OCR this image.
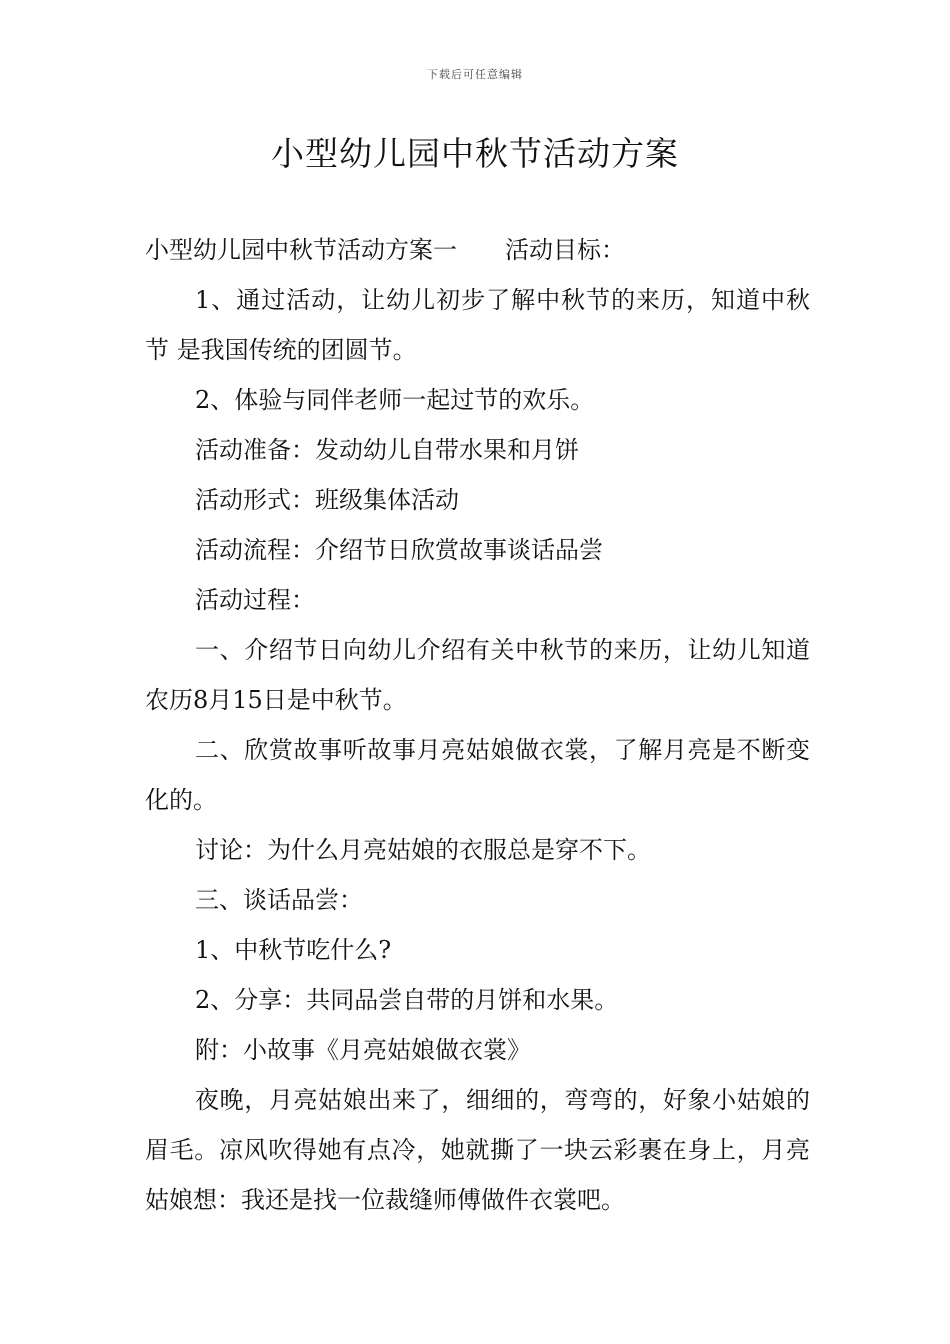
下载后可任意编辑
小型幼儿园中秋节活动方案

小型幼儿园中秋节活动方案一 活动目标：

1、通过活动，让幼儿初步了解中秋节的来历，知道中秋节 是我国传统的团圆节。

2、体验与同伴老师一起过节的欢乐。

活动准备：发动幼儿自带水果和月饼

活动形式：班级集体活动

活动流程：介绍节日欣赏故事谈话品尝

活动过程：

一、介绍节日向幼儿介绍有关中秋节的来历，让幼儿知道农历8月15日是中秋节。

二、欣赏故事听故事月亮姑娘做衣裳，了解月亮是不断变化的。

讨论：为什么月亮姑娘的衣服总是穿不下。

三、谈话品尝：

1、中秋节吃什么?

2、分享：共同品尝自带的月饼和水果。

附：小故事《月亮姑娘做衣裳》

夜晚，月亮姑娘出来了，细细的，弯弯的，好象小姑娘的眉毛。凉风吹得她有点冷，她就撕了一块云彩裹在身上，月亮姑娘想：我还是找一位裁缝师傅做件衣裳吧。
